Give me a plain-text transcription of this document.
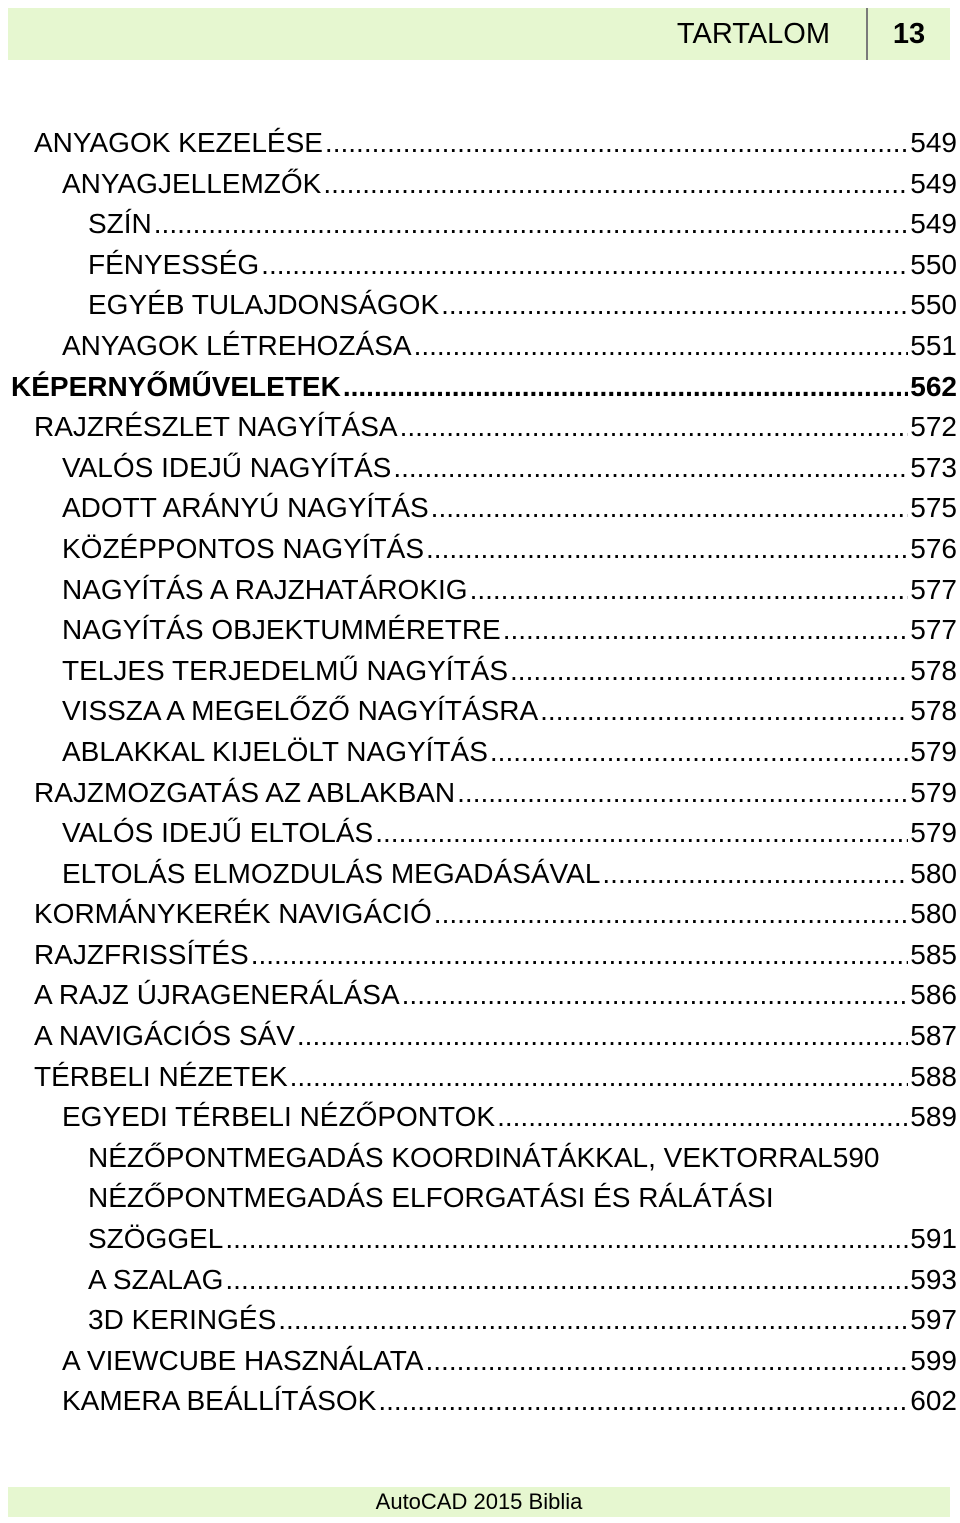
TARTALOM 13
ANYAGOK KEZELÉSE .....	549
ANYAGJELLEMZŐK .....	549
SZÍN .....	549
FÉNYESSÉG .....	550
EGYÉB TULAJDONSÁGOK .....	550
ANYAGOK LÉTREHOZÁSA .....	551
KÉPERNYŐMŰVELETEK .....	562
RAJZRÉSZLET NAGYÍTÁSA .....	572
VALÓS IDEJŰ NAGYÍTÁS .....	573
ADOTT ARÁNYÚ NAGYÍTÁS .....	575
KÖZÉPPONTOS NAGYÍTÁS .....	576
NAGYÍTÁS A RAJZHATÁROKIG .....	577
NAGYÍTÁS OBJEKTUMMÉRETRE .....	577
TELJES TERJEDELMŰ NAGYÍTÁS .....	578
VISSZA A MEGELŐZŐ NAGYÍTÁSRA .....	578
ABLAKKAL KIJELÖLT NAGYÍTÁS .....	579
RAJZMOZGATÁS AZ ABLAKBAN .....	579
VALÓS IDEJŰ ELTOLÁS .....	579
ELTOLÁS ELMOZDULÁS MEGADÁSÁVAL .....	580
KORMÁNYKERÉK NAVIGÁCIÓ .....	580
RAJZFRISSÍTÉS .....	585
A RAJZ ÚJRAGENERÁLÁSA .....	586
A NAVIGÁCIÓS SÁV .....	587
TÉRBELI NÉZETEK .....	588
EGYEDI TÉRBELI NÉZŐPONTOK .....	589
NÉZŐPONTMEGADÁS KOORDINÁTÁKKAL, VEKTORRAL 590
NÉZŐPONTMEGADÁS ELFORGATÁSI ÉS RÁLÁTÁSI
SZÖGGEL .....	591
A SZALAG .....	593
3D KERINGÉS .....	597
A VIEWCUBE HASZNÁLATA .....	599
KAMERA BEÁLLÍTÁSOK .....	602
AutoCAD 2015 Biblia
